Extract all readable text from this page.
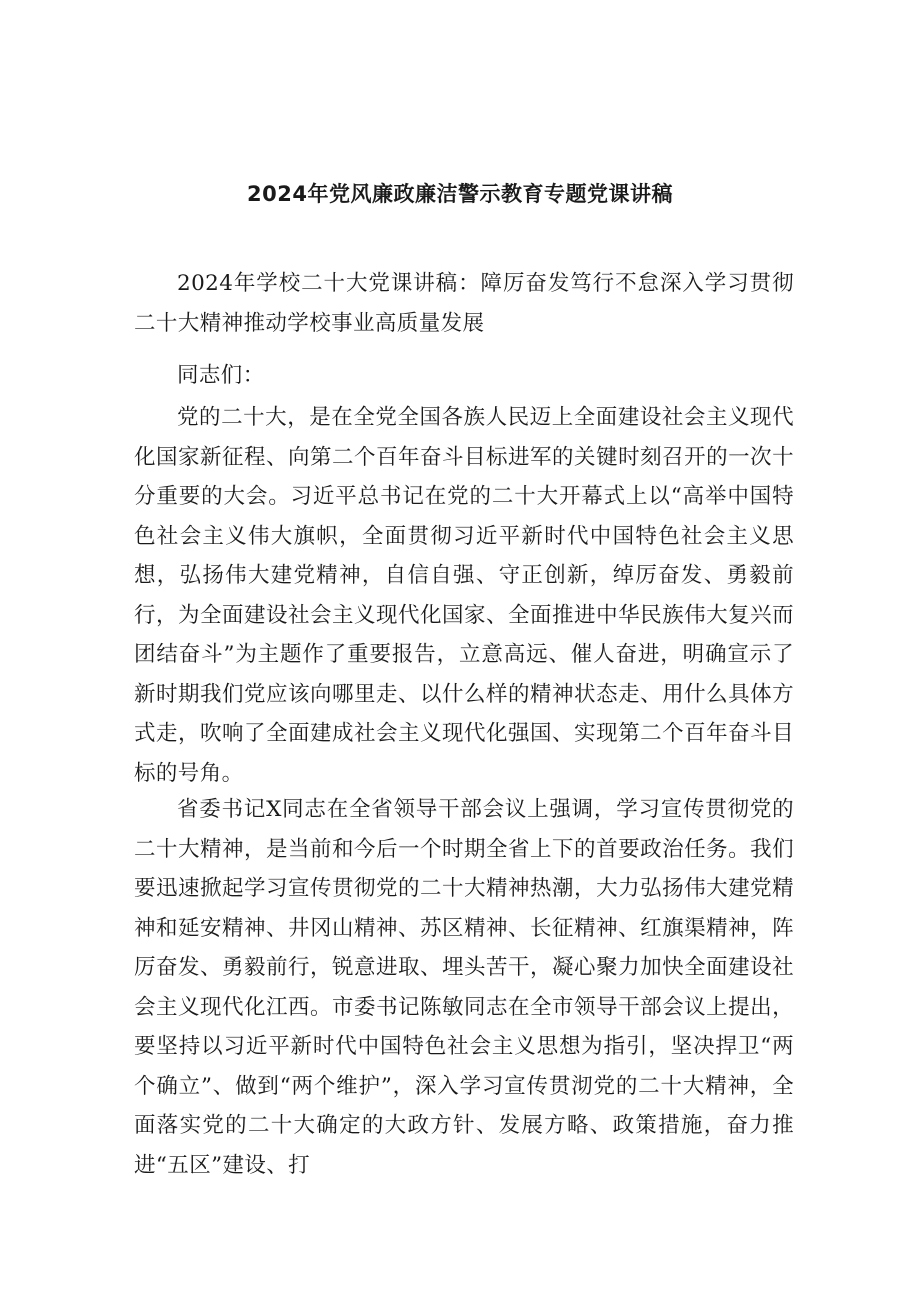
2024年党风廉政廉洁警示教育专题党课讲稿

2024年学校二十大党课讲稿：障厉奋发笃行不怠深入学习贯彻二十大精神推动学校事业高质量发展

同志们：

党的二十大，是在全党全国各族人民迈上全面建设社会主义现代化国家新征程、向第二个百年奋斗目标进军的关键时刻召开的一次十分重要的大会。习近平总书记在党的二十大开幕式上以“高举中国特色社会主义伟大旗帜，全面贯彻习近平新时代中国特色社会主义思想，弘扬伟大建党精神，自信自强、守正创新，绰厉奋发、勇毅前行，为全面建设社会主义现代化国家、全面推进中华民族伟大复兴而团结奋斗”为主题作了重要报告，立意高远、催人奋进，明确宣示了新时期我们党应该向哪里走、以什么样的精神状态走、用什么具体方式走，吹响了全面建成社会主义现代化强国、实现第二个百年奋斗目标的号角。

省委书记X同志在全省领导干部会议上强调，学习宣传贯彻党的二十大精神，是当前和今后一个时期全省上下的首要政治任务。我们要迅速掀起学习宣传贯彻党的二十大精神热潮，大力弘扬伟大建党精神和延安精神、井冈山精神、苏区精神、长征精神、红旗渠精神，阵厉奋发、勇毅前行，锐意进取、埋头苦干，凝心聚力加快全面建设社会主义现代化江西。市委书记陈敏同志在全市领导干部会议上提出，要坚持以习近平新时代中国特色社会主义思想为指引，坚决捍卫“两个确立”、做到“两个维护”，深入学习宣传贯沏党的二十大精神，全面落实党的二十大确定的大政方针、发展方略、政策措施，奋力推进“五区”建设、打
